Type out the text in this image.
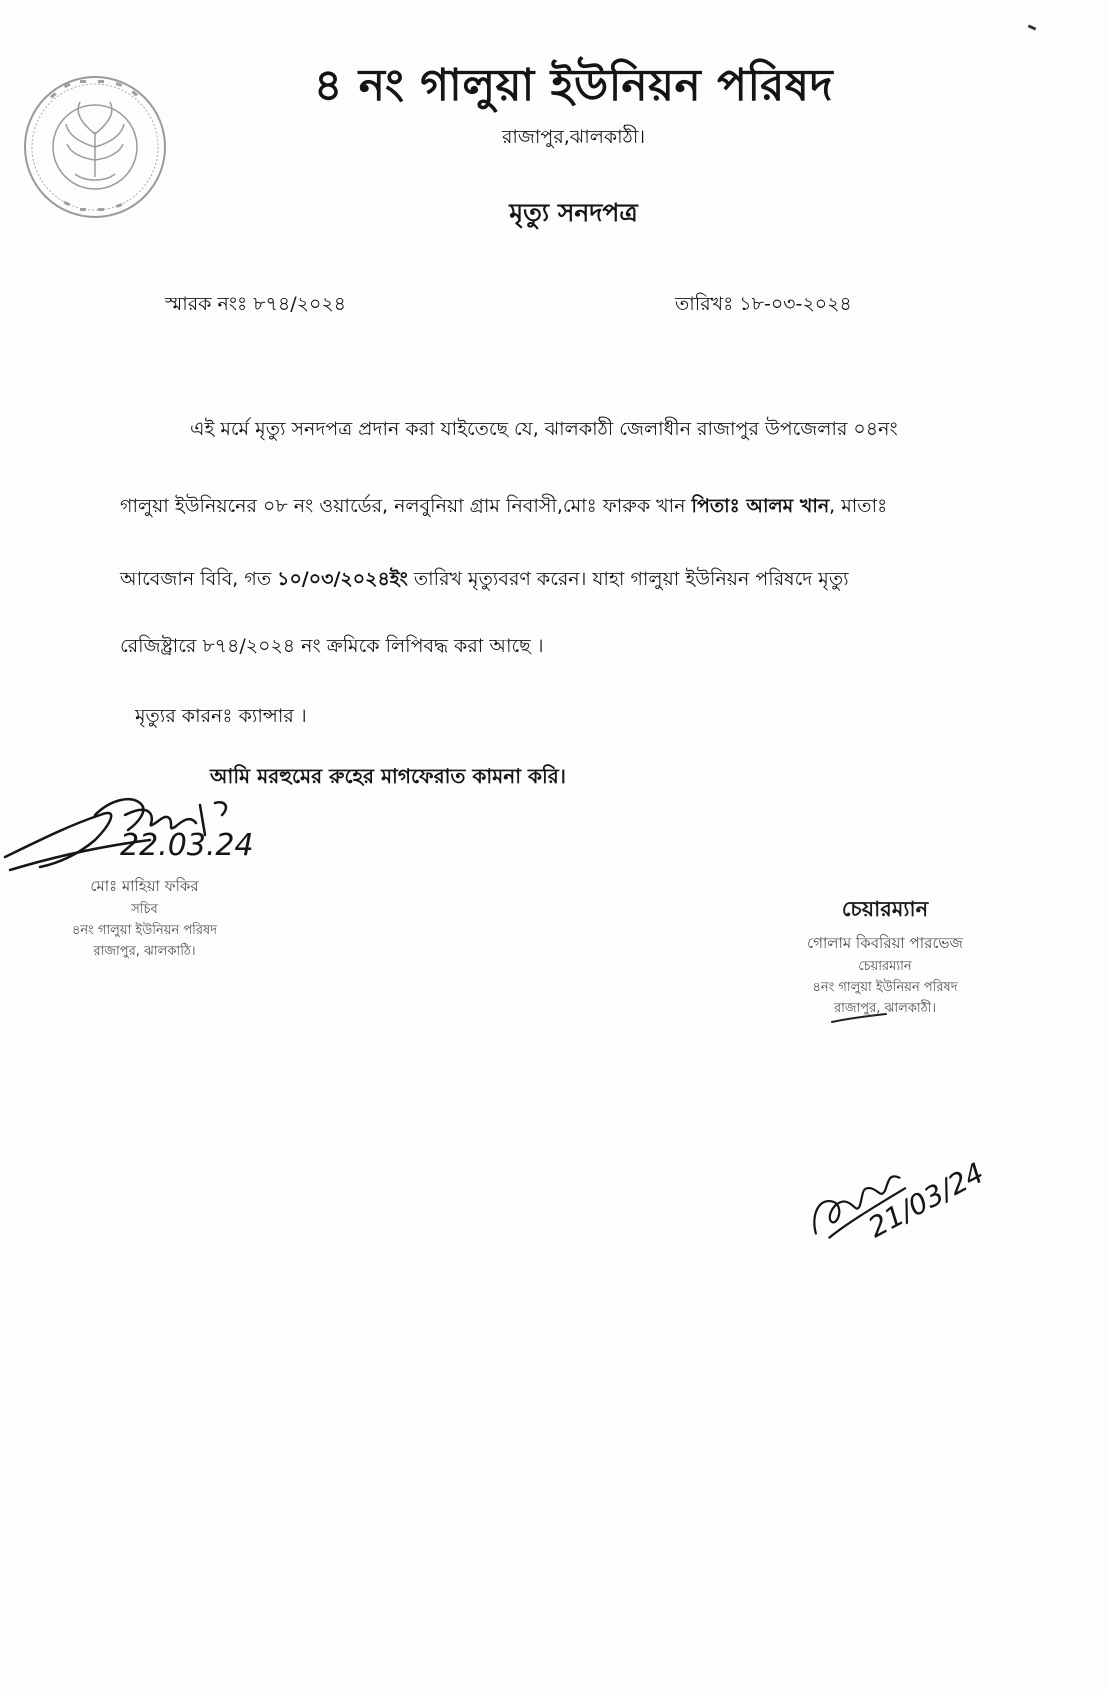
৪ নং গালুয়া ইউনিয়ন পরিষদ
রাজাপুর,ঝালকাঠী।
মৃত্যু সনদপত্র
স্মারক নংঃ ৮৭৪/২০২৪	তারিখঃ ১৮-০৩-২০২৪
এই মর্মে মৃত্যু সনদপত্র প্রদান করা যাইতেছে যে, ঝালকাঠী জেলাধীন রাজাপুর উপজেলার ০৪নং
গালুয়া ইউনিয়নের ০৮ নং ওয়ার্ডের, নলবুনিয়া গ্রাম নিবাসী,মোঃ ফারুক খান পিতাঃ আলম খান, মাতাঃ
আবেজান বিবি, গত ১০/০৩/২০২৪ইং তারিখ মৃত্যুবরণ করেন। যাহা গালুয়া ইউনিয়ন পরিষদে মৃত্যু
রেজিষ্ট্রারে ৮৭৪/২০২৪ নং ক্রমিকে লিপিবদ্ধ করা আছে ।
মৃত্যুর কারনঃ ক্যান্সার ।
আমি মরহুমের রুহের মাগফেরাত কামনা করি।
22.03.24
মোঃ মাহিয়া ফকির
সচিব
৪নং গালুয়া ইউনিয়ন পরিষদ
রাজাপুর, ঝালকাঠি।
চেয়ারম্যান
গোলাম কিবরিয়া পারভেজ
চেয়ারম্যান
৪নং গালুয়া ইউনিয়ন পরিষদ
রাজাপুর, ঝালকাঠী।
21/03/24
